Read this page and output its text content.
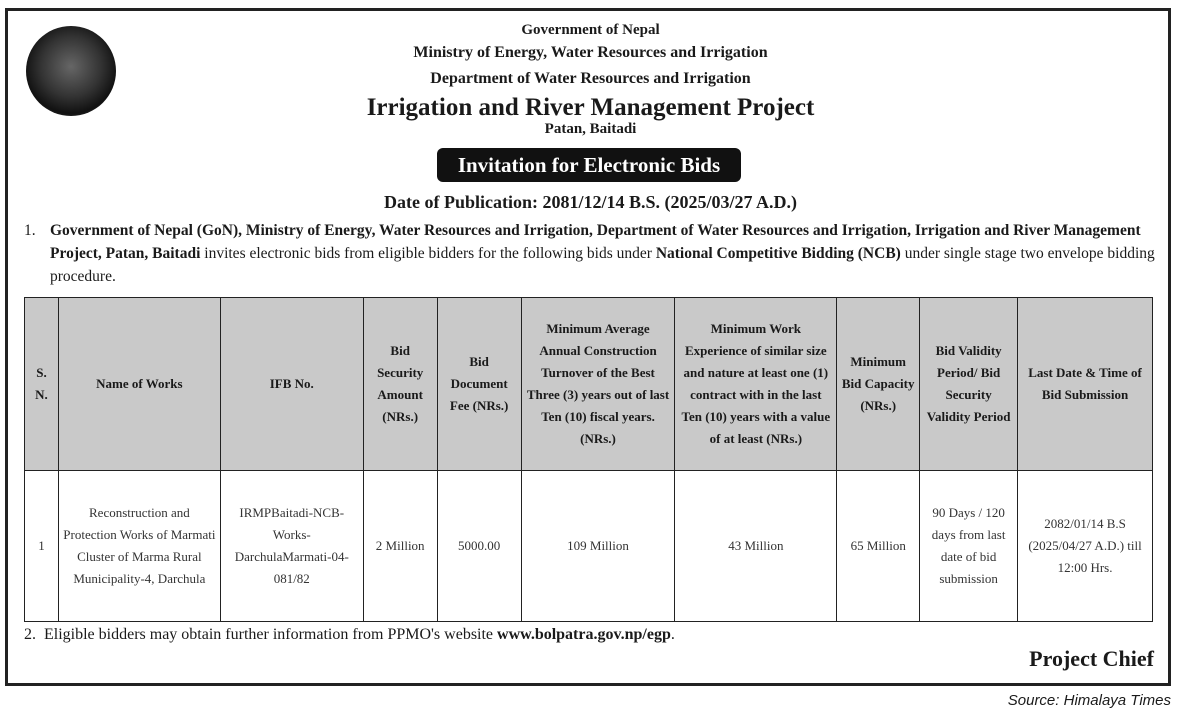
Government of Nepal
Ministry of Energy, Water Resources and Irrigation
Department of Water Resources and Irrigation
Irrigation and River Management Project
Patan, Baitadi
Invitation for Electronic Bids
Date of Publication: 2081/12/14 B.S. (2025/03/27 A.D.)
1. Government of Nepal (GoN), Ministry of Energy, Water Resources and Irrigation, Department of Water Resources and Irrigation, Irrigation and River Management Project, Patan, Baitadi invites electronic bids from eligible bidders for the following bids under National Competitive Bidding (NCB) under single stage two envelope bidding procedure.
S. N.	Name of Works	IFB No.	Bid Security Amount (NRs.)	Bid Document Fee (NRs.)	Minimum Average Annual Construction Turnover of the Best Three (3) years out of last Ten (10) fiscal years. (NRs.)	Minimum Work Experience of similar size and nature at least one (1) contract with in the last Ten (10) years with a value of at least (NRs.)	Minimum Bid Capacity (NRs.)	Bid Validity Period/ Bid Security Validity Period	Last Date & Time of Bid Submission
1	Reconstruction and Protection Works of Marmati Cluster of Marma Rural Municipality-4, Darchula	IRMPBaitadi-NCB-Works-DarchulaMarmati-04-081/82	2 Million	5000.00	109 Million	43 Million	65 Million	90 Days / 120 days from last date of bid submission	2082/01/14 B.S (2025/04/27 A.D.) till 12:00 Hrs.
2. Eligible bidders may obtain further information from PPMO's website www.bolpatra.gov.np/egp.
Project Chief
Source: Himalaya Times
